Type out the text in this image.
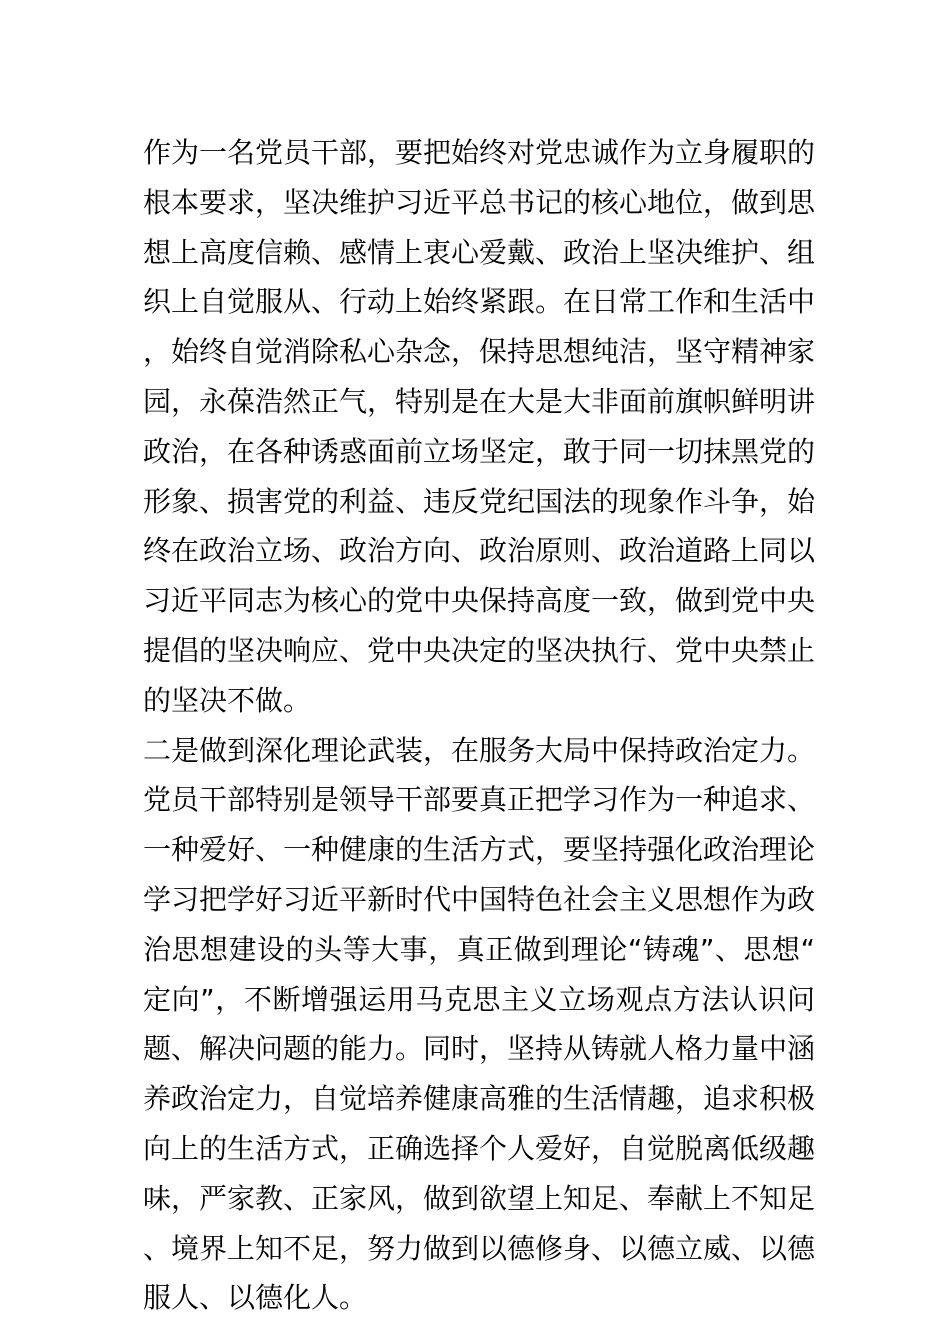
作为一名党员干部，要把始终对党忠诚作为立身履职的根本要求，坚决维护习近平总书记的核心地位，做到思想上高度信赖、感情上衷心爱戴、政治上坚决维护、组织上自觉服从、行动上始终紧跟。在日常工作和生活中，始终自觉消除私心杂念，保持思想纯洁，坚守精神家园，永葆浩然正气，特别是在大是大非面前旗帜鲜明讲政治，在各种诱惑面前立场坚定，敢于同一切抹黑党的形象、损害党的利益、违反党纪国法的现象作斗争，始终在政治立场、政治方向、政治原则、政治道路上同以习近平同志为核心的党中央保持高度一致，做到党中央提倡的坚决响应、党中央决定的坚决执行、党中央禁止的坚决不做。

二是做到深化理论武装，在服务大局中保持政治定力。

党员干部特别是领导干部要真正把学习作为一种追求、一种爱好、一种健康的生活方式，要坚持强化政治理论学习把学好习近平新时代中国特色社会主义思想作为政治思想建设的头等大事，真正做到理论“铸魂”、思想“定向”，不断增强运用马克思主义立场观点方法认识问题、解决问题的能力。同时，坚持从铸就人格力量中涵养政治定力，自觉培养健康高雅的生活情趣，追求积极向上的生活方式，正确选择个人爱好，自觉脱离低级趣味，严家教、正家风，做到欲望上知足、奉献上不知足、境界上知不足，努力做到以德修身、以德立威、以德服人、以德化人。
